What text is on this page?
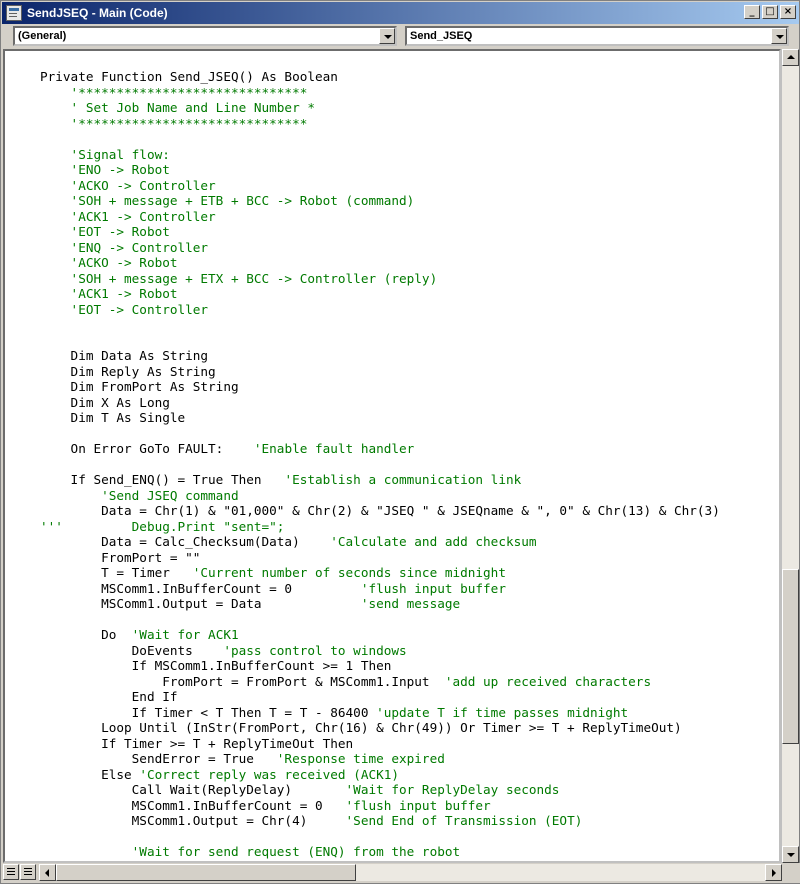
SendJSEQ - Main (Code)	_	□ ×
(General)	Send_JSEQ
Private Function Send_JSEQ() As Boolean
'******************************
' Set Job Name and Line Number *
'******************************
'Signal flow:
'ENO -> Robot
'ACKO -> Controller
'SOH + message + ETB + BCC -> Robot (command)
'ACK1 -> Controller
'EOT -> Robot
'ENQ -> Controller
'ACKO -> Robot
'SOH + message + ETX + BCC -> Controller (reply)
'ACK1 -> Robot
'EOT -> Controller
Dim Data As String
Dim Reply As String
Dim FromPort As String
Dim X As Long
Dim T As Single
On Error GoTo FAULT:    'Enable fault handler
If Send_ENQ() = True Then   'Establish a communication link
'Send JSEQ command
Data = Chr(1) & "01,000" & Chr(2) & "JSEQ " & JSEQname & ", 0" & Chr(13) & Chr(3)
'''         Debug.Print "sent=";
Data = Calc_Checksum(Data)    'Calculate and add checksum
FromPort = ""
T = Timer   'Current number of seconds since midnight
MSComm1.InBufferCount = 0         'flush input buffer
MSComm1.Output = Data             'send message
Do  'Wait for ACK1
DoEvents    'pass control to windows
If MSComm1.InBufferCount >= 1 Then
FromPort = FromPort & MSComm1.Input  'add up received characters
End If
If Timer < T Then T = T - 86400 'update T if time passes midnight
Loop Until (InStr(FromPort, Chr(16) & Chr(49)) Or Timer >= T + ReplyTimeOut)
If Timer >= T + ReplyTimeOut Then
SendError = True   'Response time expired
Else 'Correct reply was received (ACK1)
Call Wait(ReplyDelay)       'Wait for ReplyDelay seconds
MSComm1.InBufferCount = 0   'flush input buffer
MSComm1.Output = Chr(4)     'Send End of Transmission (EOT)
'Wait for send request (ENQ) from the robot
